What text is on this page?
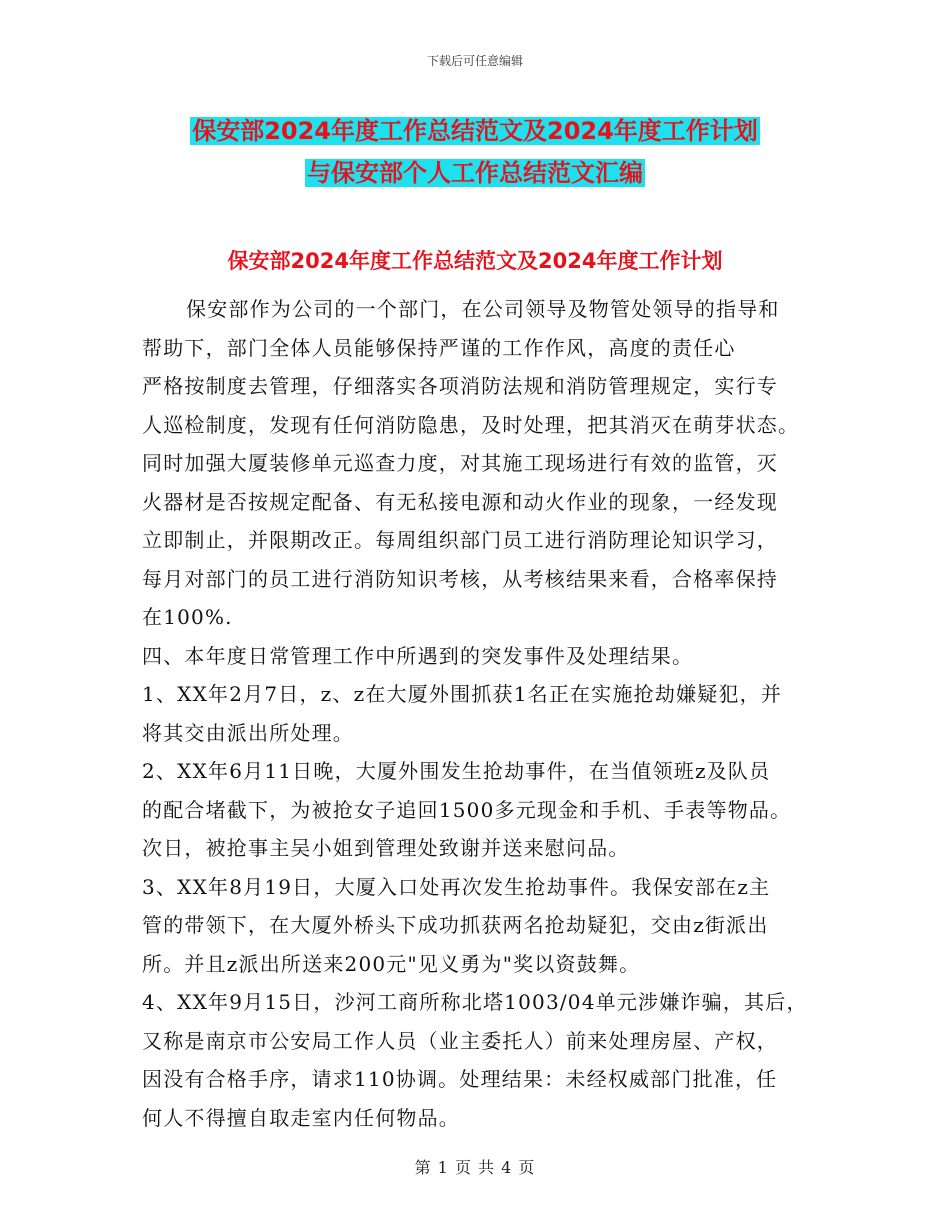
下载后可任意编辑
保安部2024年度工作总结范文及2024年度工作计划
与保安部个人工作总结范文汇编
保安部2024年度工作总结范文及2024年度工作计划
保安部作为公司的一个部门，在公司领导及物管处领导的指导和
帮助下，部门全体人员能够保持严谨的工作作风，高度的责任心
严格按制度去管理，仔细落实各项消防法规和消防管理规定，实行专
人巡检制度，发现有任何消防隐患，及时处理，把其消灭在萌芽状态。
同时加强大厦装修单元巡查力度，对其施工现场进行有效的监管，灭
火器材是否按规定配备、有无私接电源和动火作业的现象，一经发现
立即制止，并限期改正。每周组织部门员工进行消防理论知识学习，
每月对部门的员工进行消防知识考核，从考核结果来看，合格率保持
在100%.
四、本年度日常管理工作中所遇到的突发事件及处理结果。
1、XX年2月7日，z、z在大厦外围抓获1名正在实施抢劫嫌疑犯，并
将其交由派出所处理。
2、XX年6月11日晚，大厦外围发生抢劫事件，在当值领班z及队员
的配合堵截下，为被抢女子追回1500多元现金和手机、手表等物品。
次日，被抢事主吴小姐到管理处致谢并送来慰问品。
3、XX年8月19日，大厦入口处再次发生抢劫事件。我保安部在z主
管的带领下，在大厦外桥头下成功抓获两名抢劫疑犯，交由z街派出
所。并且z派出所送来200元"见义勇为"奖以资鼓舞。
4、XX年9月15日，沙河工商所称北塔1003/04单元涉嫌诈骗，其后，
又称是南京市公安局工作人员（业主委托人）前来处理房屋、产权，
因没有合格手序，请求110协调。处理结果：未经权威部门批准，任
何人不得擅自取走室内任何物品。
第 1 页 共 4 页
